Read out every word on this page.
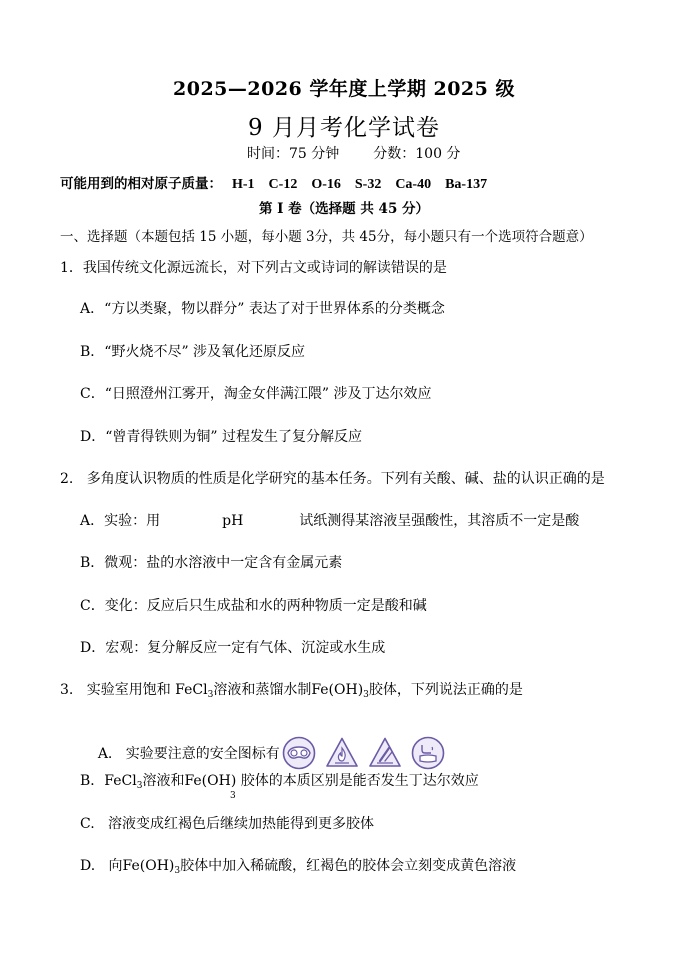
2025—2026 学年度上学期 2025 级
9 月月考化学试卷
时间：75 分钟 分数：100 分
可能用到的相对原子质量： H-1    C-12    O-16    S-32    Ca-40    Ba-137
第 I 卷（选择题 共 45 分）
一、选择题（本题包括 15 小题，每小题 3分，共 45分，每小题只有一个选项符合题意）
1．我国传统文化源远流长，对下列古文或诗词的解读错误的是
A．“方以类聚，物以群分” 表达了对于世界体系的分类概念
B．“野火烧不尽” 涉及氧化还原反应
C．“日照澄州江雾开，淘金女伴满江隈” 涉及丁达尔效应
D．“曾青得铁则为铜” 过程发生了复分解反应
2.   多角度认识物质的性质是化学研究的基本任务。下列有关酸、碱、盐的认识正确的是
A．实验：用	pH	试纸测得某溶液呈强酸性，其溶质不一定是酸
B．微观：盐的水溶液中一定含有金属元素
C．变化：反应后只生成盐和水的两种物质一定是酸和碱
D．宏观：复分解反应一定有气体、沉淀或水生成
3.   实验室用饱和 FeCl$_3$溶液和蒸馏水制$Fe(OH)_3$胶体，下列说法正确的是

A.   实验要注意的安全图标有

B．FeCl$_3$溶液和Fe(OH) 胶体的本质区别是能否发生丁达尔效应
3
C.   溶液变成红褐色后继续加热能得到更多胶体
D.   向$Fe(OH)_3$胶体中加入稀硫酸，红褐色的胶体会立刻变成黄色溶液
